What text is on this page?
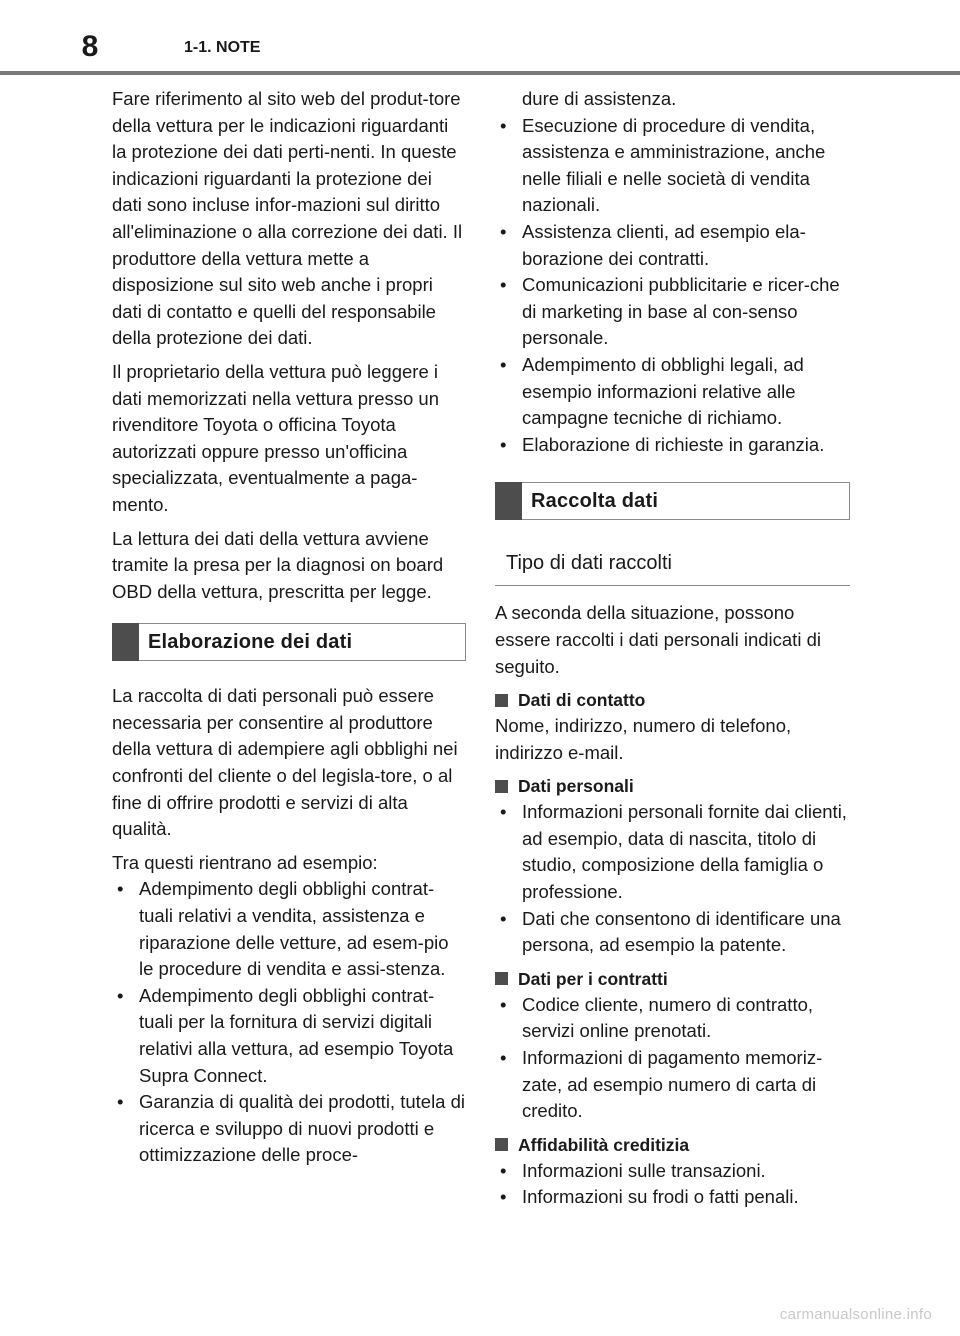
8	1-1. NOTE

Fare riferimento al sito web del produt-tore della vettura per le indicazioni riguardanti la protezione dei dati perti-nenti. In queste indicazioni riguardanti la protezione dei dati sono incluse infor-mazioni sul diritto all'eliminazione o alla correzione dei dati. Il produttore della vettura mette a disposizione sul sito web anche i propri dati di contatto e quelli del responsabile della protezione dei dati.

Il proprietario della vettura può leggere i dati memorizzati nella vettura presso un rivenditore Toyota o officina Toyota autorizzati oppure presso un'officina specializzata, eventualmente a paga-mento.

La lettura dei dati della vettura avviene tramite la presa per la diagnosi on board OBD della vettura, prescritta per legge.

Elaborazione dei dati

La raccolta di dati personali può essere necessaria per consentire al produttore della vettura di adempiere agli obblighi nei confronti del cliente o del legisla-tore, o al fine di offrire prodotti e servizi di alta qualità.

Tra questi rientrano ad esempio:

• Adempimento degli obblighi contrat-tuali relativi a vendita, assistenza e riparazione delle vetture, ad esem-pio le procedure di vendita e assi-stenza.
• Adempimento degli obblighi contrat-tuali per la fornitura di servizi digitali relativi alla vettura, ad esempio Toyota Supra Connect.
• Garanzia di qualità dei prodotti, tutela di ricerca e sviluppo di nuovi prodotti e ottimizzazione delle proce-

dure di assistenza.

• Esecuzione di procedure di vendita, assistenza e amministrazione, anche nelle filiali e nelle società di vendita nazionali.
• Assistenza clienti, ad esempio ela-borazione dei contratti.
• Comunicazioni pubblicitarie e ricer-che di marketing in base al con-senso personale.
• Adempimento di obblighi legali, ad esempio informazioni relative alle campagne tecniche di richiamo.
• Elaborazione di richieste in garanzia.
Raccolta dati
Tipo di dati raccolti

A seconda della situazione, possono essere raccolti i dati personali indicati di seguito.

Dati di contatto

Nome, indirizzo, numero di telefono, indirizzo e-mail.

Dati personali
• Informazioni personali fornite dai clienti, ad esempio, data di nascita, titolo di studio, composizione della famiglia o professione.
• Dati che consentono di identificare una persona, ad esempio la patente.
Dati per i contratti
• Codice cliente, numero di contratto, servizi online prenotati.
• Informazioni di pagamento memoriz-zate, ad esempio numero di carta di credito.
Affidabilità creditizia
• Informazioni sulle transazioni.
• Informazioni su frodi o fatti penali.
carmanualsonline.info
